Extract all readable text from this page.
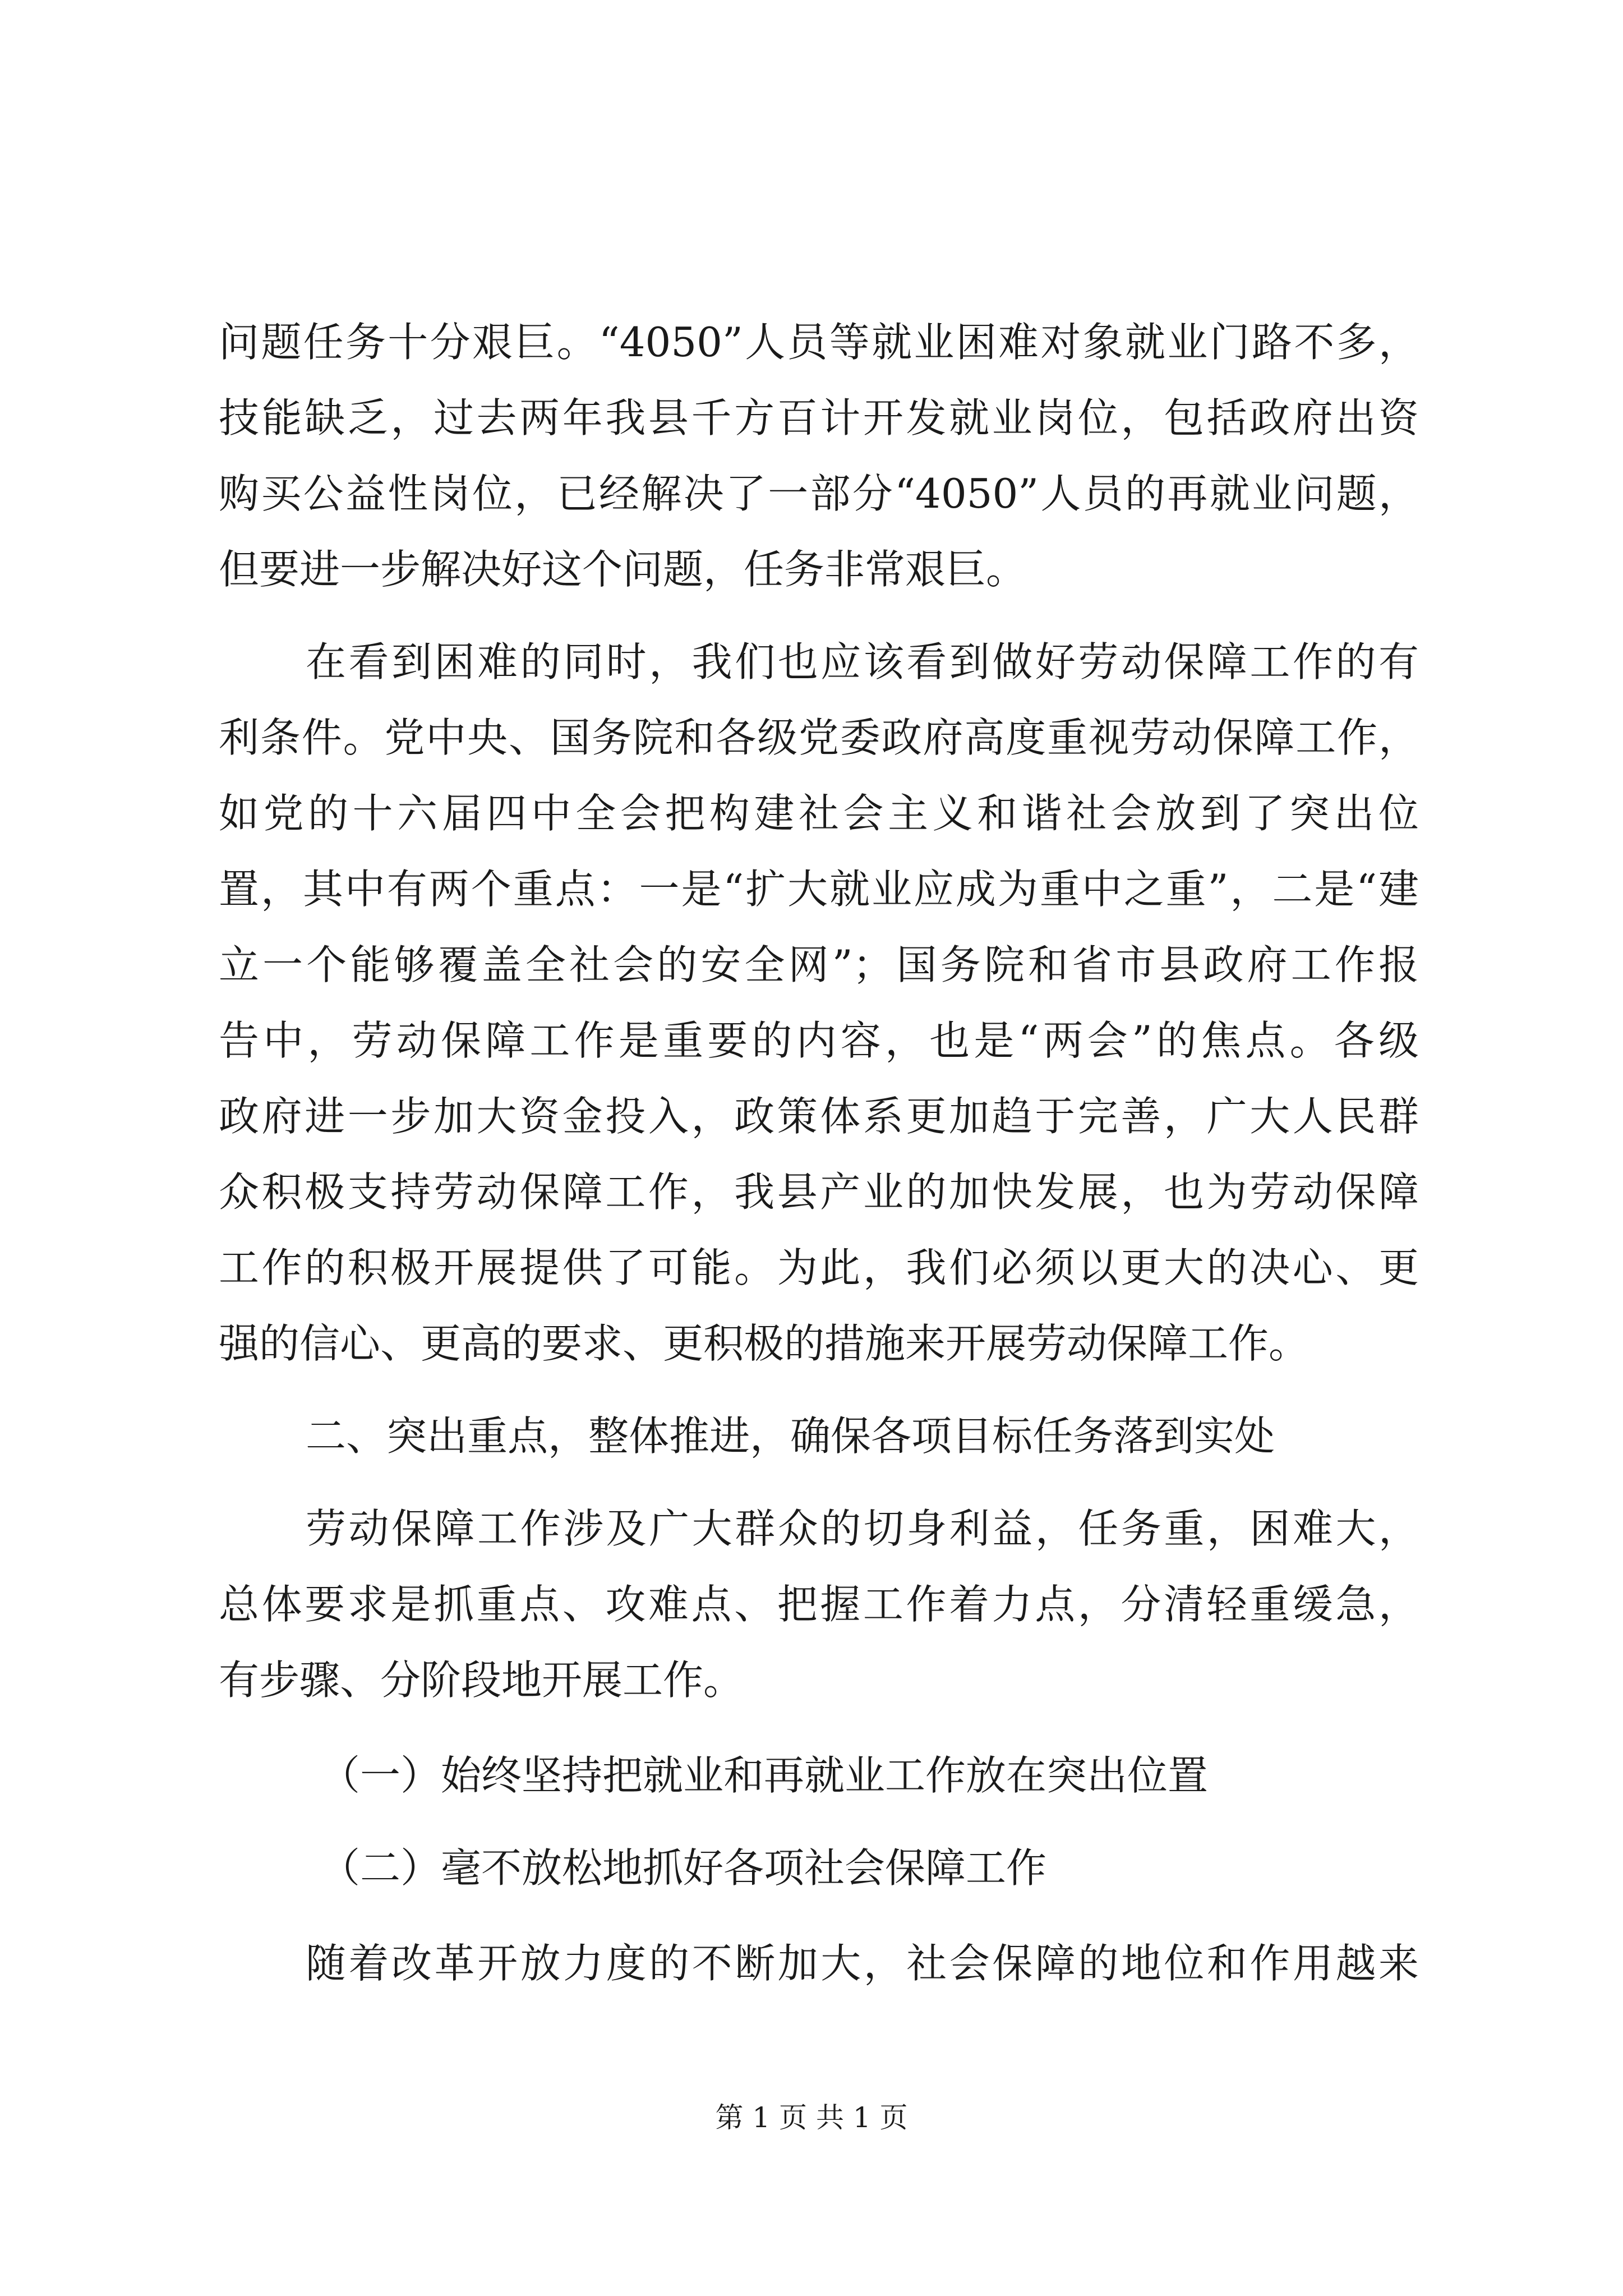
问题任务十分艰巨。“4050”人员等就业困难对象就业门路不多，
技能缺乏，过去两年我县千方百计开发就业岗位，包括政府出资
购买公益性岗位，已经解决了一部分“4050”人员的再就业问题，
但要进一步解决好这个问题，任务非常艰巨。
在看到困难的同时，我们也应该看到做好劳动保障工作的有
利条件。党中央、国务院和各级党委政府高度重视劳动保障工作，
如党的十六届四中全会把构建社会主义和谐社会放到了突出位
置，其中有两个重点：一是“扩大就业应成为重中之重”，二是“建
立一个能够覆盖全社会的安全网”；国务院和省市县政府工作报
告中，劳动保障工作是重要的内容，也是“两会”的焦点。各级
政府进一步加大资金投入，政策体系更加趋于完善，广大人民群
众积极支持劳动保障工作，我县产业的加快发展，也为劳动保障
工作的积极开展提供了可能。为此，我们必须以更大的决心、更
强的信心、更高的要求、更积极的措施来开展劳动保障工作。
二、突出重点，整体推进，确保各项目标任务落到实处
劳动保障工作涉及广大群众的切身利益，任务重，困难大，
总体要求是抓重点、攻难点、把握工作着力点，分清轻重缓急，
有步骤、分阶段地开展工作。
（一）始终坚持把就业和再就业工作放在突出位置
（二）毫不放松地抓好各项社会保障工作
随着改革开放力度的不断加大，社会保障的地位和作用越来
第 1 页 共 1 页
